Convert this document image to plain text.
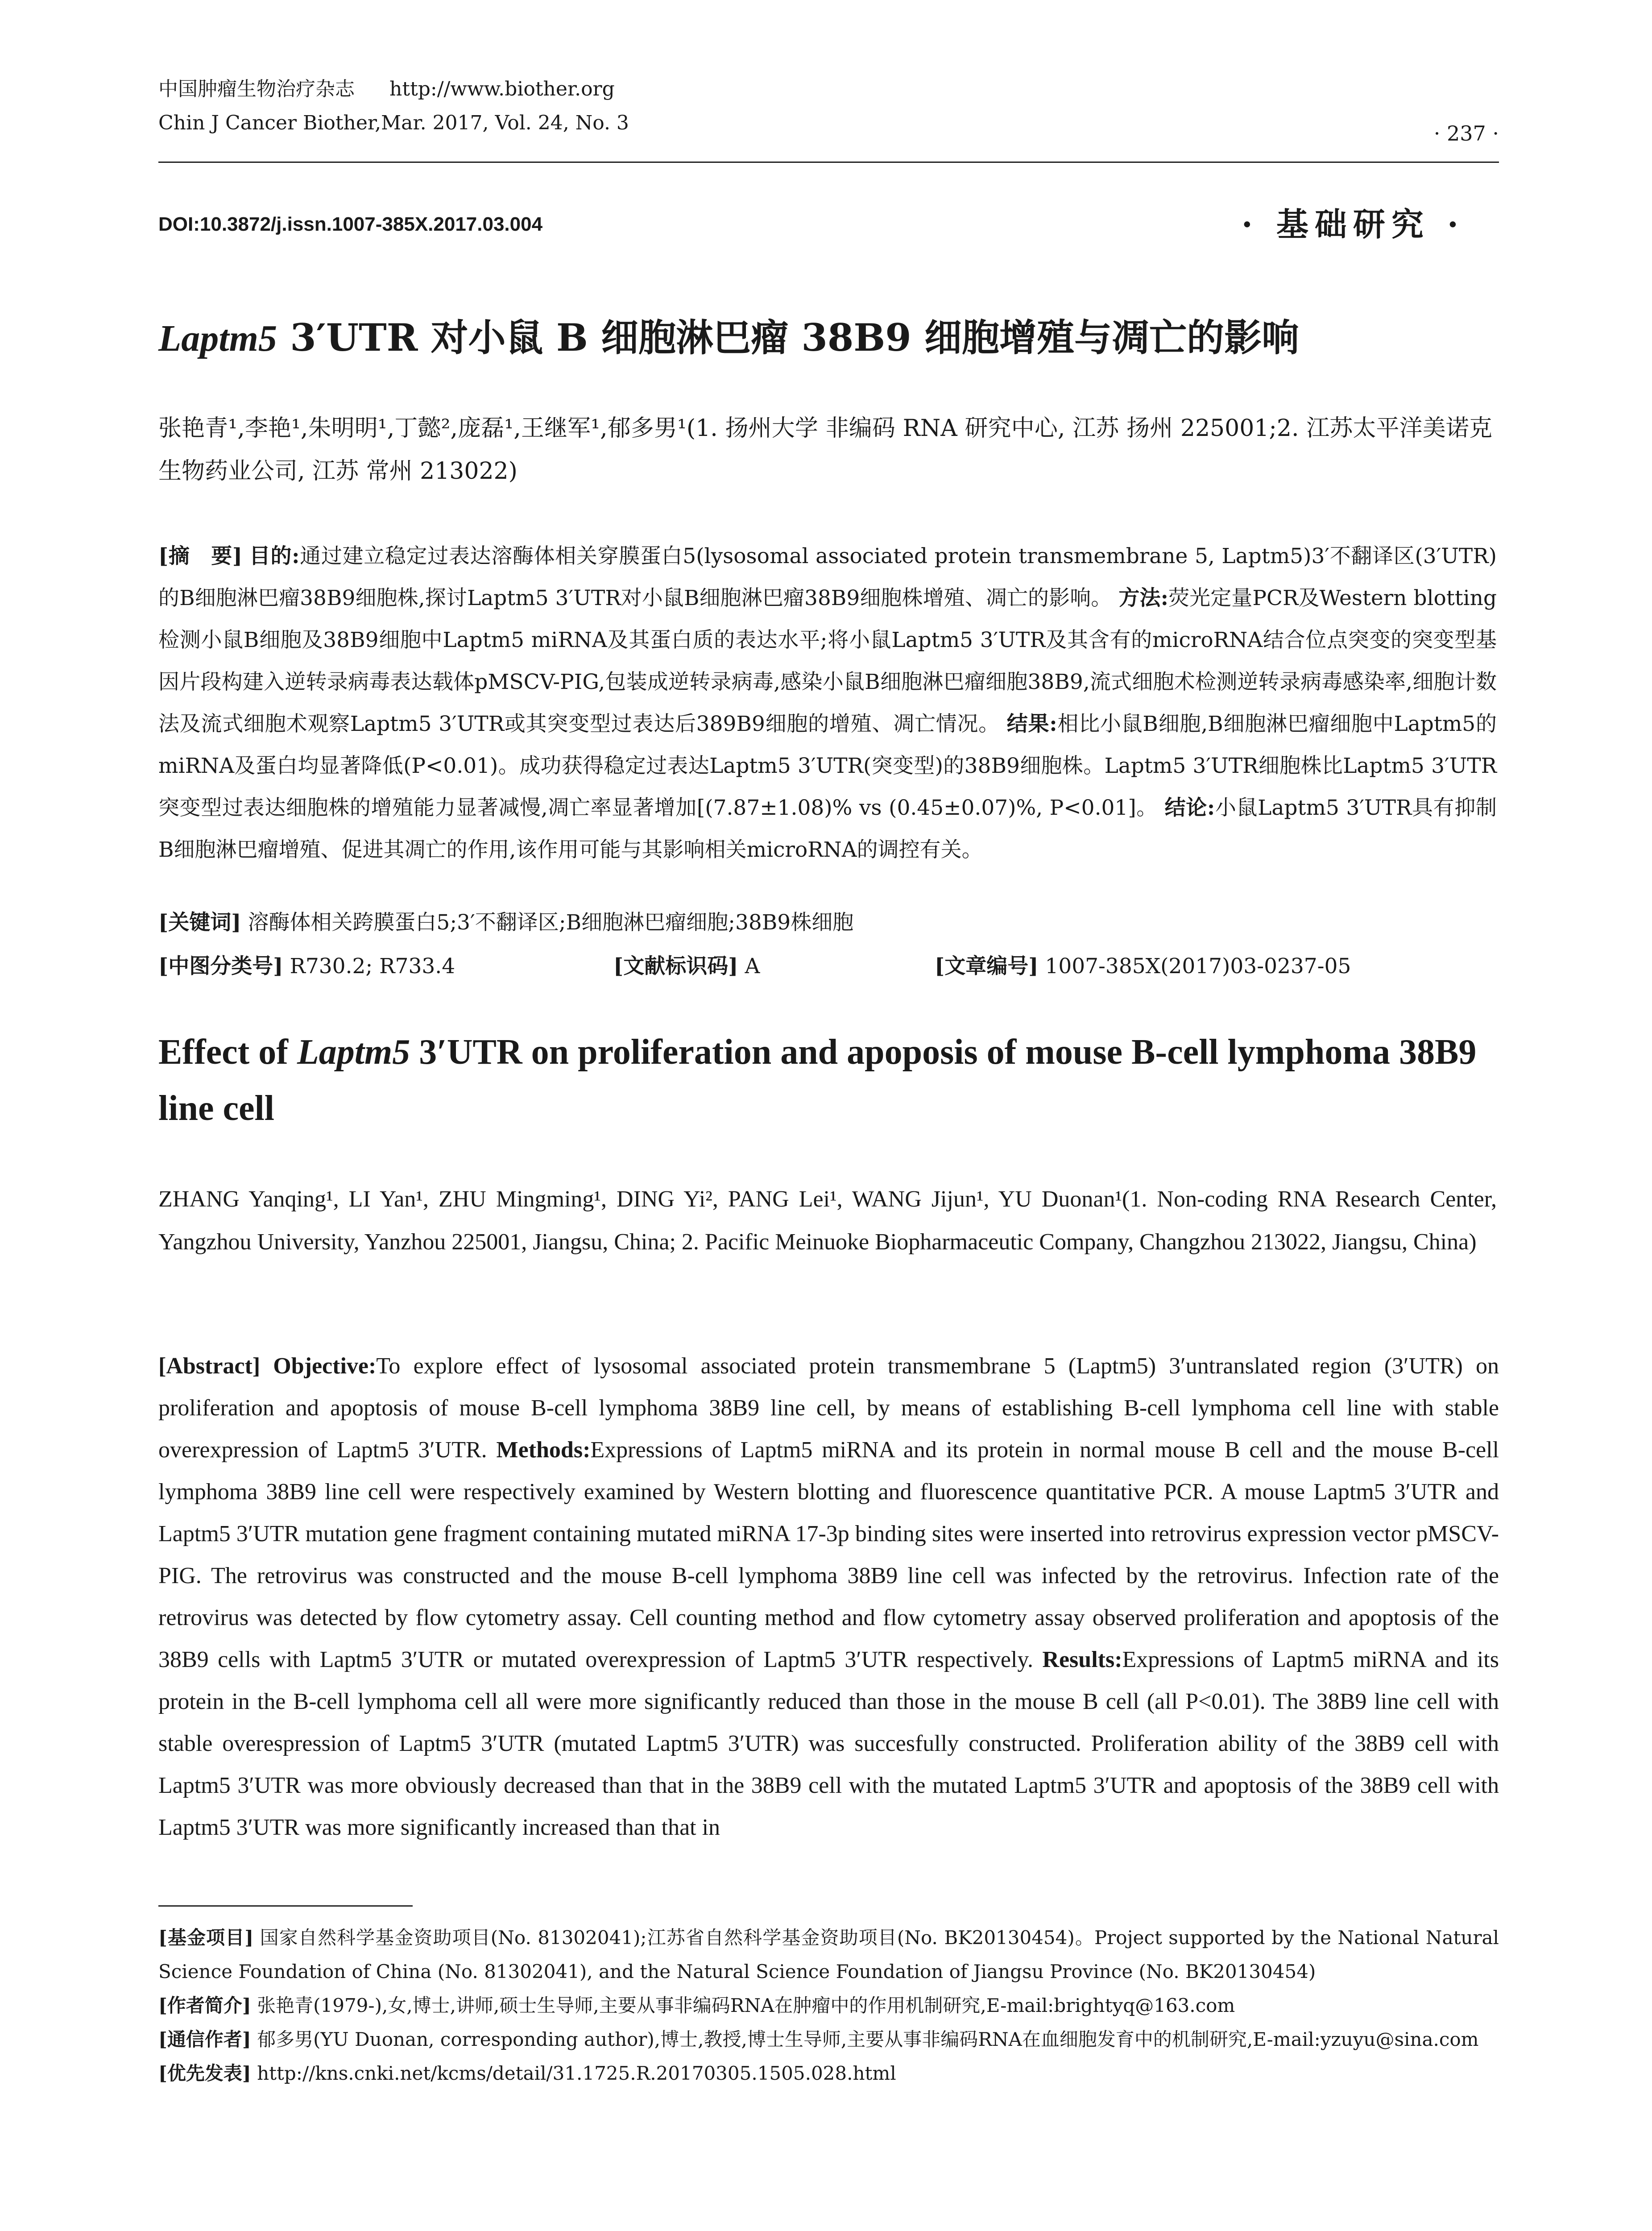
中国肿瘤生物治疗杂志 http://www.biother.org
Chin J Cancer Biother,Mar. 2017, Vol. 24, No. 3	· 237 ·
DOI:10.3872/j.issn.1007-385X.2017.03.004	· 基础研究 ·
Laptm5 3′UTR 对小鼠 B 细胞淋巴瘤 38B9 细胞增殖与凋亡的影响
张艳青¹,李艳¹,朱明明¹,丁懿²,庞磊¹,王继军¹,郁多男¹(1. 扬州大学 非编码 RNA 研究中心, 江苏 扬州 225001;2. 江苏太平洋美诺克生物药业公司, 江苏 常州 213022)
[摘　要] 目的:通过建立稳定过表达溶酶体相关穿膜蛋白5(lysosomal associated protein transmembrane 5, Laptm5)3′不翻译区(3′UTR)的B细胞淋巴瘤38B9细胞株,探讨Laptm5 3′UTR对小鼠B细胞淋巴瘤38B9细胞株增殖、凋亡的影响。 方法:荧光定量PCR及Western blotting检测小鼠B细胞及38B9细胞中Laptm5 miRNA及其蛋白质的表达水平;将小鼠Laptm5 3′UTR及其含有的microRNA结合位点突变的突变型基因片段构建入逆转录病毒表达载体pMSCV-PIG,包装成逆转录病毒,感染小鼠B细胞淋巴瘤细胞38B9,流式细胞术检测逆转录病毒感染率,细胞计数法及流式细胞术观察Laptm5 3′UTR或其突变型过表达后389B9细胞的增殖、凋亡情况。 结果:相比小鼠B细胞,B细胞淋巴瘤细胞中Laptm5的miRNA及蛋白均显著降低(P<0.01)。成功获得稳定过表达Laptm5 3′UTR(突变型)的38B9细胞株。Laptm5 3′UTR细胞株比Laptm5 3′UTR突变型过表达细胞株的增殖能力显著减慢,凋亡率显著增加[(7.87±1.08)% vs (0.45±0.07)%, P<0.01]。 结论:小鼠Laptm5 3′UTR具有抑制B细胞淋巴瘤增殖、促进其凋亡的作用,该作用可能与其影响相关microRNA的调控有关。
[关键词] 溶酶体相关跨膜蛋白5;3′不翻译区;B细胞淋巴瘤细胞;38B9株细胞
[中图分类号] R730.2; R733.4	[文献标识码] A	[文章编号] 1007-385X(2017)03-0237-05
Effect of Laptm5 3′UTR on proliferation and apoposis of mouse B-cell lymphoma 38B9 line cell
ZHANG Yanqing¹, LI Yan¹, ZHU Mingming¹, DING Yi², PANG Lei¹, WANG Jijun¹, YU Duonan¹(1. Non-coding RNA Research Center, Yangzhou University, Yanzhou 225001, Jiangsu, China; 2. Pacific Meinuoke Biopharmaceutic Company, Changzhou 213022, Jiangsu, China)
[Abstract] Objective:To explore effect of lysosomal associated protein transmembrane 5 (Laptm5) 3′untranslated region (3′UTR) on proliferation and apoptosis of mouse B-cell lymphoma 38B9 line cell, by means of establishing B-cell lymphoma cell line with stable overexpression of Laptm5 3′UTR. Methods:Expressions of Laptm5 miRNA and its protein in normal mouse B cell and the mouse B-cell lymphoma 38B9 line cell were respectively examined by Western blotting and fluorescence quantitative PCR. A mouse Laptm5 3′UTR and Laptm5 3′UTR mutation gene fragment containing mutated miRNA 17-3p binding sites were inserted into retrovirus expression vector pMSCV-PIG. The retrovirus was constructed and the mouse B-cell lymphoma 38B9 line cell was infected by the retrovirus. Infection rate of the retrovirus was detected by flow cytometry assay. Cell counting method and flow cytometry assay observed proliferation and apoptosis of the 38B9 cells with Laptm5 3′UTR or mutated overexpression of Laptm5 3′UTR respectively. Results:Expressions of Laptm5 miRNA and its protein in the B-cell lymphoma cell all were more significantly reduced than those in the mouse B cell (all P<0.01). The 38B9 line cell with stable overespression of Laptm5 3′UTR (mutated Laptm5 3′UTR) was succesfully constructed. Proliferation ability of the 38B9 cell with Laptm5 3′UTR was more obviously decreased than that in the 38B9 cell with the mutated Laptm5 3′UTR and apoptosis of the 38B9 cell with Laptm5 3′UTR was more significantly increased than that in

[基金项目] 国家自然科学基金资助项目(No. 81302041);江苏省自然科学基金资助项目(No. BK20130454)。Project supported by the National Natural Science Foundation of China (No. 81302041), and the Natural Science Foundation of Jiangsu Province (No. BK20130454)

[作者简介] 张艳青(1979-),女,博士,讲师,硕士生导师,主要从事非编码RNA在肿瘤中的作用机制研究,E-mail:brightyq@163.com

[通信作者] 郁多男(YU Duonan, corresponding author),博士,教授,博士生导师,主要从事非编码RNA在血细胞发育中的机制研究,E-mail:yzuyu@sina.com

[优先发表] http://kns.cnki.net/kcms/detail/31.1725.R.20170305.1505.028.html
